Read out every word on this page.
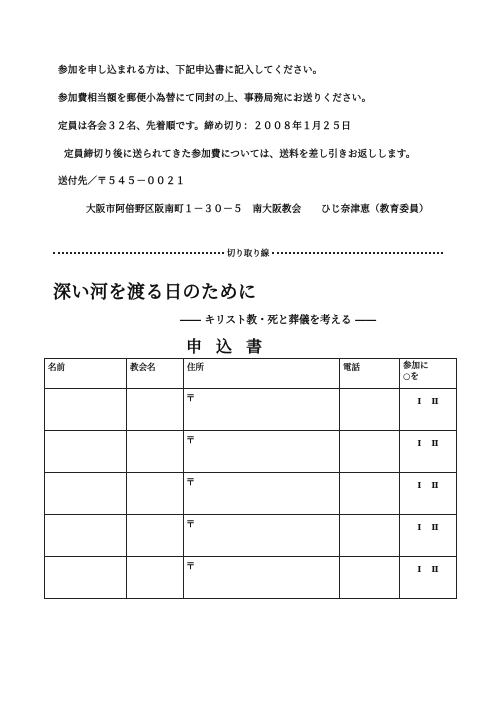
参加を申し込まれる方は、下記申込書に記入してください。
参加費相当額を郵便小為替にて同封の上、事務局宛にお送りください。
定員は各会３２名、先着順です。締め切り：２００８年１月２５日
定員締切り後に送られてきた参加費については、送料を差し引きお返しします。
送付先／〒５４５－００２１
大阪市阿倍野区阪南町１－３０－５　南大阪教会　　ひじ奈津恵（教育委員）
切り取り線
深い河を渡る日のために
―― キリスト教・死と葬儀を考える ――
申込書
名前	教会名	住所	電話	参加に
○を

		〒		Ⅰ Ⅱ

		〒		Ⅰ Ⅱ

		〒		Ⅰ Ⅱ

		〒		Ⅰ Ⅱ

		〒		Ⅰ Ⅱ
